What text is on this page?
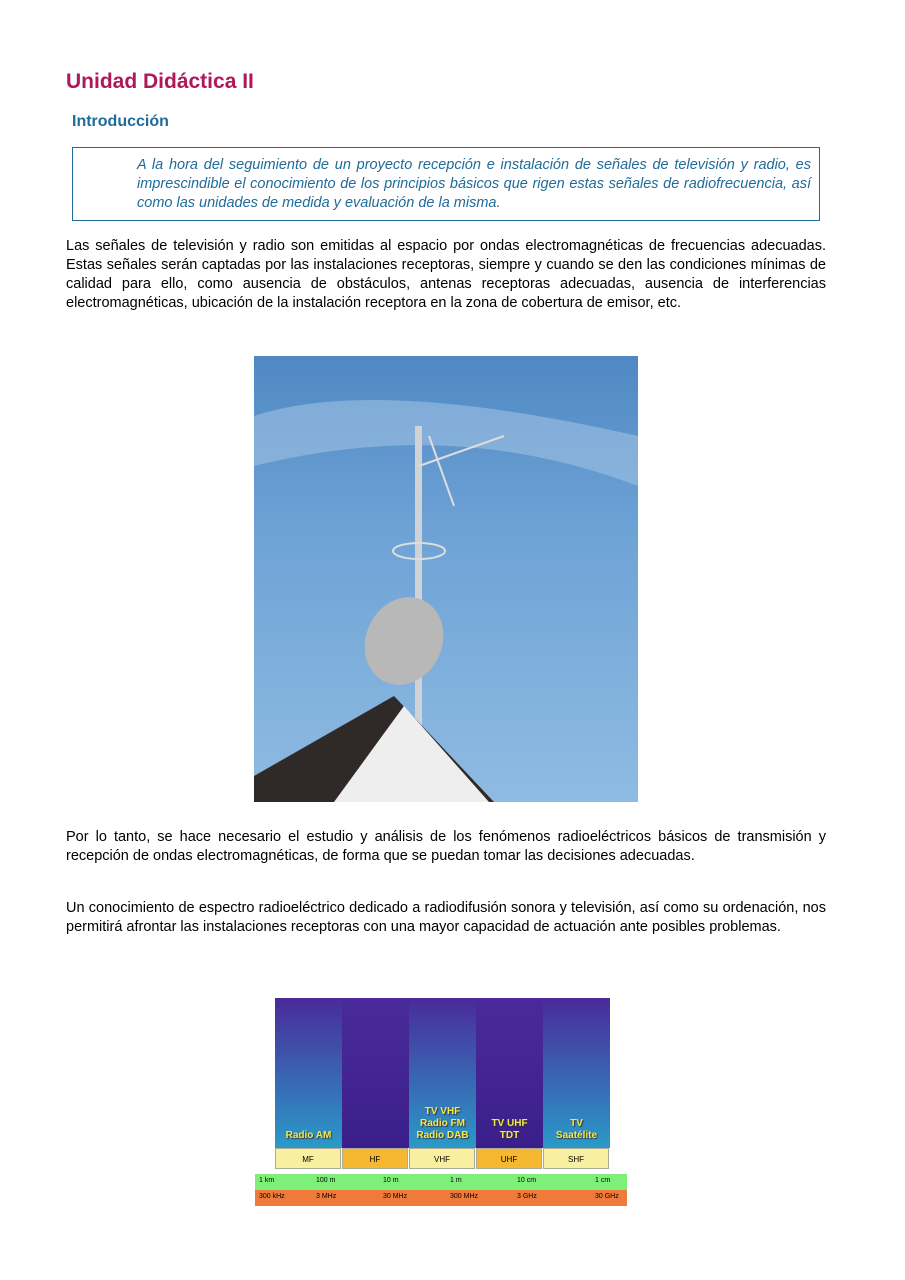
Unidad Didáctica II
Introducción

A la hora del seguimiento de un proyecto recepción e instalación de señales de televisión y radio, es imprescindible el conocimiento de los principios básicos que rigen estas señales de radiofrecuencia, así como las unidades de medida y evaluación de la misma.

Las señales de televisión y radio son emitidas al espacio por ondas electromagnéticas de frecuencias adecuadas. Estas señales serán captadas por las instalaciones receptoras, siempre y cuando se den las condiciones mínimas de calidad para ello, como ausencia de obstáculos, antenas receptoras adecuadas, ausencia de interferencias electromagnéticas, ubicación de la instalación receptora en la zona de cobertura de emisor, etc.

Por lo tanto, se hace necesario el estudio y análisis de los fenómenos radioeléctricos básicos de transmisión y recepción de ondas electromagnéticas, de forma que se puedan tomar las decisiones adecuadas.

Un conocimiento de espectro radioeléctrico dedicado a radiodifusión sonora y televisión, así como su ordenación, nos permitirá afrontar las instalaciones receptoras con una mayor capacidad de actuación ante posibles problemas.

Radio AM
MF	HF
TV VHF
Radio FM
Radio DAB
VHF
TV UHF
TDT
UHF
TV
Saatélite
SHF
1 km	100 m	10 m	1 m	10 cm	1 cm
300 kHz	3 MHz	30 MHz	300 MHz	3 GHz	30 GHz
